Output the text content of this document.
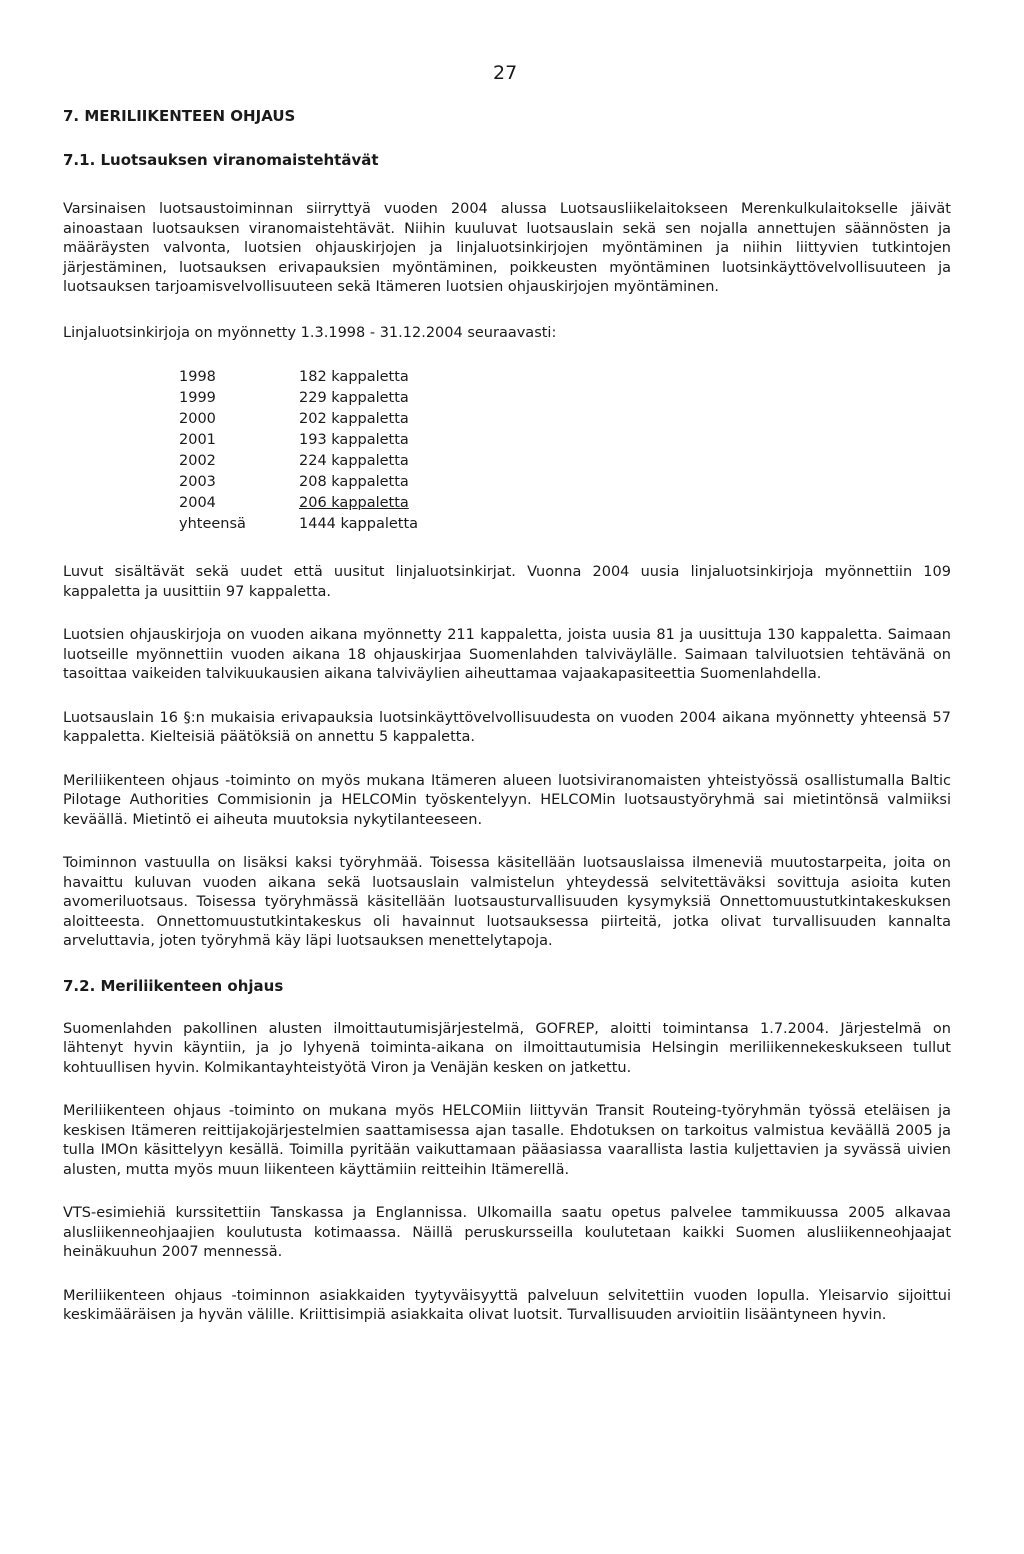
27
7. MERILIIKENTEEN OHJAUS
7.1. Luotsauksen viranomaistehtävät

Varsinaisen luotsaustoiminnan siirryttyä vuoden 2004 alussa Luotsausliikelaitokseen Merenkulkulaitokselle jäivät ainoastaan luotsauksen viranomaistehtävät. Niihin kuuluvat luotsauslain sekä sen nojalla annettujen säännösten ja määräysten valvonta, luotsien ohjauskirjojen ja linjaluotsinkirjojen myöntäminen ja niihin liittyvien tutkintojen järjestäminen, luotsauksen erivapauksien myöntäminen, poikkeusten myöntäminen luotsinkäyttövelvollisuuteen ja luotsauksen tarjoamisvelvollisuuteen sekä Itämeren luotsien ohjauskirjojen myöntäminen.

Linjaluotsinkirjoja on myönnetty 1.3.1998 - 31.12.2004 seuraavasti:

1998	182 kappaletta
1999	229 kappaletta
2000	202 kappaletta
2001	193 kappaletta
2002	224 kappaletta
2003	208 kappaletta
2004	206 kappaletta
yhteensä	1444 kappaletta

Luvut sisältävät sekä uudet että uusitut linjaluotsinkirjat. Vuonna 2004 uusia linjaluotsinkirjoja myönnettiin 109 kappaletta ja uusittiin 97 kappaletta.

Luotsien ohjauskirjoja on vuoden aikana myönnetty 211 kappaletta, joista uusia 81 ja uusittuja 130 kappaletta. Saimaan luotseille myönnettiin vuoden aikana 18 ohjauskirjaa Suomenlahden talviväylälle. Saimaan talviluotsien tehtävänä on tasoittaa vaikeiden talvikuukausien aikana talviväylien aiheuttamaa vajaakapasiteettia Suomenlahdella.

Luotsauslain 16 §:n mukaisia erivapauksia luotsinkäyttövelvollisuudesta on vuoden 2004 aikana myönnetty yhteensä 57 kappaletta. Kielteisiä päätöksiä on annettu 5 kappaletta.

Meriliikenteen ohjaus -toiminto on myös mukana Itämeren alueen luotsiviranomaisten yhteistyössä osallistumalla Baltic Pilotage Authorities Commisionin ja HELCOMin työskentelyyn. HELCOMin luotsaustyöryhmä sai mietintönsä valmiiksi keväällä. Mietintö ei aiheuta muutoksia nykytilanteeseen.

Toiminnon vastuulla on lisäksi kaksi työryhmää. Toisessa käsitellään luotsauslaissa ilmeneviä muutostarpeita, joita on havaittu kuluvan vuoden aikana sekä luotsauslain valmistelun yhteydessä selvitettäväksi sovittuja asioita kuten avomeriluotsaus. Toisessa työryhmässä käsitellään luotsausturvallisuuden kysymyksiä Onnettomuustutkintakeskuksen aloitteesta. Onnettomuustutkintakeskus oli havainnut luotsauksessa piirteitä, jotka olivat turvallisuuden kannalta arveluttavia, joten työryhmä käy läpi luotsauksen menettelytapoja.

7.2. Meriliikenteen ohjaus

Suomenlahden pakollinen alusten ilmoittautumisjärjestelmä, GOFREP, aloitti toimintansa 1.7.2004. Järjestelmä on lähtenyt hyvin käyntiin, ja jo lyhyenä toiminta-aikana on ilmoittautumisia Helsingin meriliikennekeskukseen tullut kohtuullisen hyvin. Kolmikantayhteistyötä Viron ja Venäjän kesken on jatkettu.

Meriliikenteen ohjaus -toiminto on mukana myös HELCOMiin liittyvän Transit Routeing-työryhmän työssä eteläisen ja keskisen Itämeren reittijakojärjestelmien saattamisessa ajan tasalle. Ehdotuksen on tarkoitus valmistua keväällä 2005 ja tulla IMOn käsittelyyn kesällä. Toimilla pyritään vaikuttamaan pääasiassa vaarallista lastia kuljettavien ja syvässä uivien alusten, mutta myös muun liikenteen käyttämiin reitteihin Itämerellä.

VTS-esimiehiä kurssitettiin Tanskassa ja Englannissa. Ulkomailla saatu opetus palvelee tammikuussa 2005 alkavaa alusliikenneohjaajien koulutusta kotimaassa. Näillä peruskursseilla koulutetaan kaikki Suomen alusliikenneohjaajat heinäkuuhun 2007 mennessä.

Meriliikenteen ohjaus -toiminnon asiakkaiden tyytyväisyyttä palveluun selvitettiin vuoden lopulla. Yleisarvio sijoittui keskimääräisen ja hyvän välille. Kriittisimpiä asiakkaita olivat luotsit. Turvallisuuden arvioitiin lisääntyneen hyvin.
